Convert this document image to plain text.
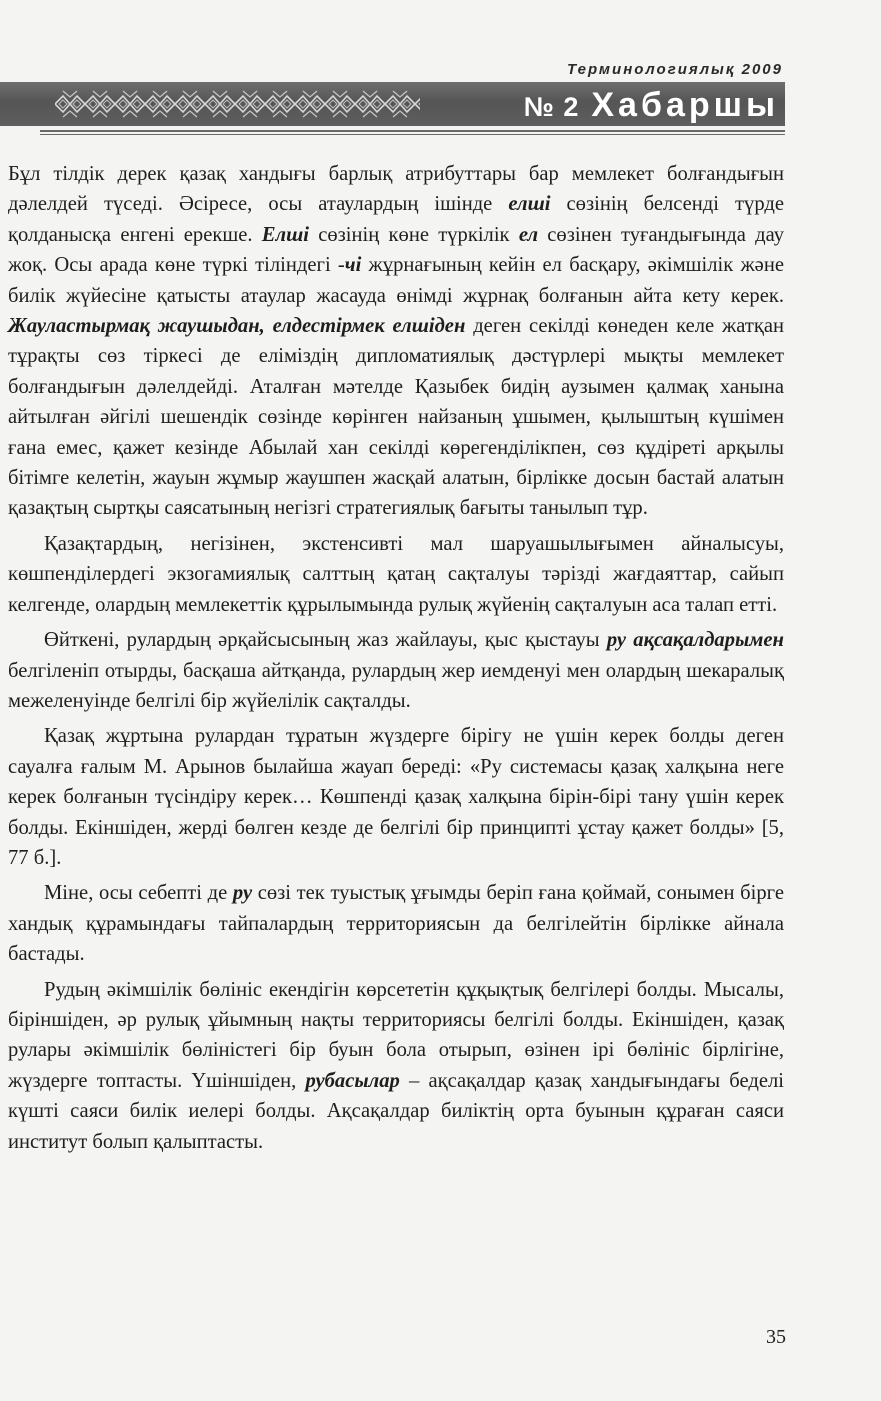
Терминологиялық 2009
№ 2 Хабаршы

Бұл тілдік дерек қазақ хандығы барлық атрибуттары бар мемлекет болғандығын дәлелдей түседі. Әсіресе, осы атаулардың ішінде елші сөзінің белсенді түрде қолданысқа енгені ерекше. Елші сөзінің көне түркілік ел сөзінен туғандығында дау жоқ. Осы арада көне түркі тіліндегі -чі жұрнағының кейін ел басқару, әкімшілік және билік жүйесіне қатысты атаулар жасауда өнімді жұрнақ болғанын айта кету керек. Жауластырмақ жаушыдан, елдестірмек елшіден деген секілді көнеден келе жатқан тұрақты сөз тіркесі де еліміздің дипломатиялық дәстүрлері мықты мемлекет болғандығын дәлелдейді. Аталған мәтелде Қазыбек бидің аузымен қалмақ ханына айтылған әйгілі шешендік сөзінде көрінген найзаның ұшымен, қылыштың күшімен ғана емес, қажет кезінде Абылай хан секілді көрегенділікпен, сөз құдіреті арқылы бітімге келетін, жауын жұмыр жаушпен жасқай алатын, бірлікке досын бастай алатын қазақтың сыртқы саясатының негізгі стратегиялық бағыты танылып тұр.

Қазақтардың, негізінен, экстенсивті мал шаруашылығымен айналысуы, көшпенділердегі экзогамиялық салттың қатаң сақталуы тәрізді жағдаяттар, сайып келгенде, олардың мемлекеттік құрылымында рулық жүйенің сақталуын аса талап етті.

Өйткені, рулардың әрқайсысының жаз жайлауы, қыс қыстауы ру ақсақалдарымен белгіленіп отырды, басқаша айтқанда, рулардың жер иемденуі мен олардың шекаралық межеленуінде белгілі бір жүйелілік сақталды.

Қазақ жұртына рулардан тұратын жүздерге бірігу не үшін керек болды деген сауалға ғалым М. Арынов былайша жауап береді: «Ру системасы қазақ халқына неге керек болғанын түсіндіру керек… Көшпенді қазақ халқына бірін-бірі тану үшін керек болды. Екіншіден, жерді бөлген кезде де белгілі бір принципті ұстау қажет болды» [5, 77 б.].

Міне, осы себепті де ру сөзі тек туыстық ұғымды беріп ғана қоймай, сонымен бірге хандық құрамындағы тайпалардың территориясын да белгілейтін бірлікке айнала бастады.

Рудың әкімшілік бөлініс екендігін көрсететін құқықтық белгілері болды. Мысалы, біріншіден, әр рулық ұйымның нақты территориясы белгілі болды. Екіншіден, қазақ рулары әкімшілік бөліністегі бір буын бола отырып, өзінен ірі бөлініс бірлігіне, жүздерге топтасты. Үшіншіден, рубасылар – ақсақалдар қазақ хандығындағы беделі күшті саяси билік иелері болды. Ақсақалдар биліктің орта буынын құраған саяси институт болып қалыптасты.

35
